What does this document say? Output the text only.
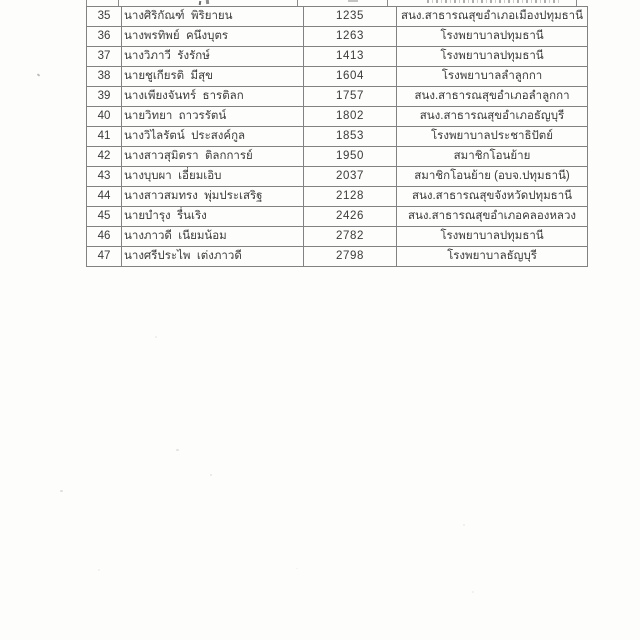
35	นางศิริกัณฑ์  พิริยายน	1235	สนง.สาธารณสุขอำเภอเมืองปทุมธานี
36	นางพรทิพย์  คนึงบุตร	1263	โรงพยาบาลปทุมธานี
37	นางวิภาวี  รังรักษ์	1413	โรงพยาบาลปทุมธานี
38	นายชูเกียรติ  มีสุข	1604	โรงพยาบาลลำลูกกา
39	นางเพียงจันทร์  ธารติลก	1757	สนง.สาธารณสุขอำเภอลำลูกกา
40	นายวิทยา  ถาวรรัตน์	1802	สนง.สาธารณสุขอำเภอธัญบุรี
41	นางวิไลรัตน์  ประสงค์กูล	1853	โรงพยาบาลประชาธิปัตย์
42	นางสาวสุมิตรา  ติลกการย์	1950	สมาชิกโอนย้าย
43	นางบุบผา  เอี่ยมเอิบ	2037	สมาชิกโอนย้าย (อบจ.ปทุมธานี)
44	นางสาวสมทรง  พุ่มประเสริฐ	2128	สนง.สาธารณสุขจังหวัดปทุมธานี
45	นายบำรุง  รื่นเริง	2426	สนง.สาธารณสุขอำเภอคลองหลวง
46	นางภาวดี  เนียมน้อม	2782	โรงพยาบาลปทุมธานี
47	นางศรีประไพ  เต่งภาวดี	2798	โรงพยาบาลธัญบุรี
